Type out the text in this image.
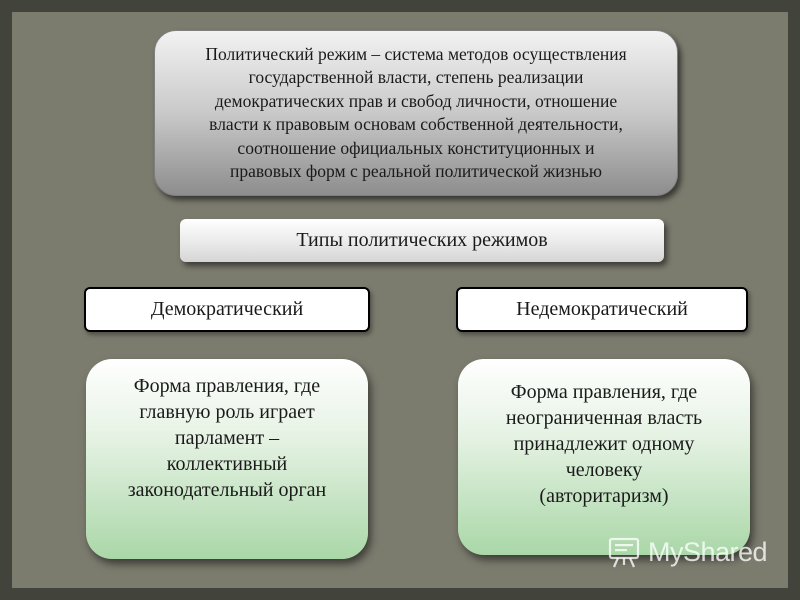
Политический режим – система методов осуществления
государственной власти, степень реализации
демократических прав и свобод личности, отношение
власти к правовым основам собственной деятельности,
соотношение официальных конституционных и
правовых форм с реальной политической жизнью
Типы политических режимов
Демократический	Недемократический
Форма правления, где
главную роль играет
парламент –
коллективный
законодательный орган
Форма правления, где
неограниченная власть
принадлежит одному
человеку
(авторитаризм)
MyShared
